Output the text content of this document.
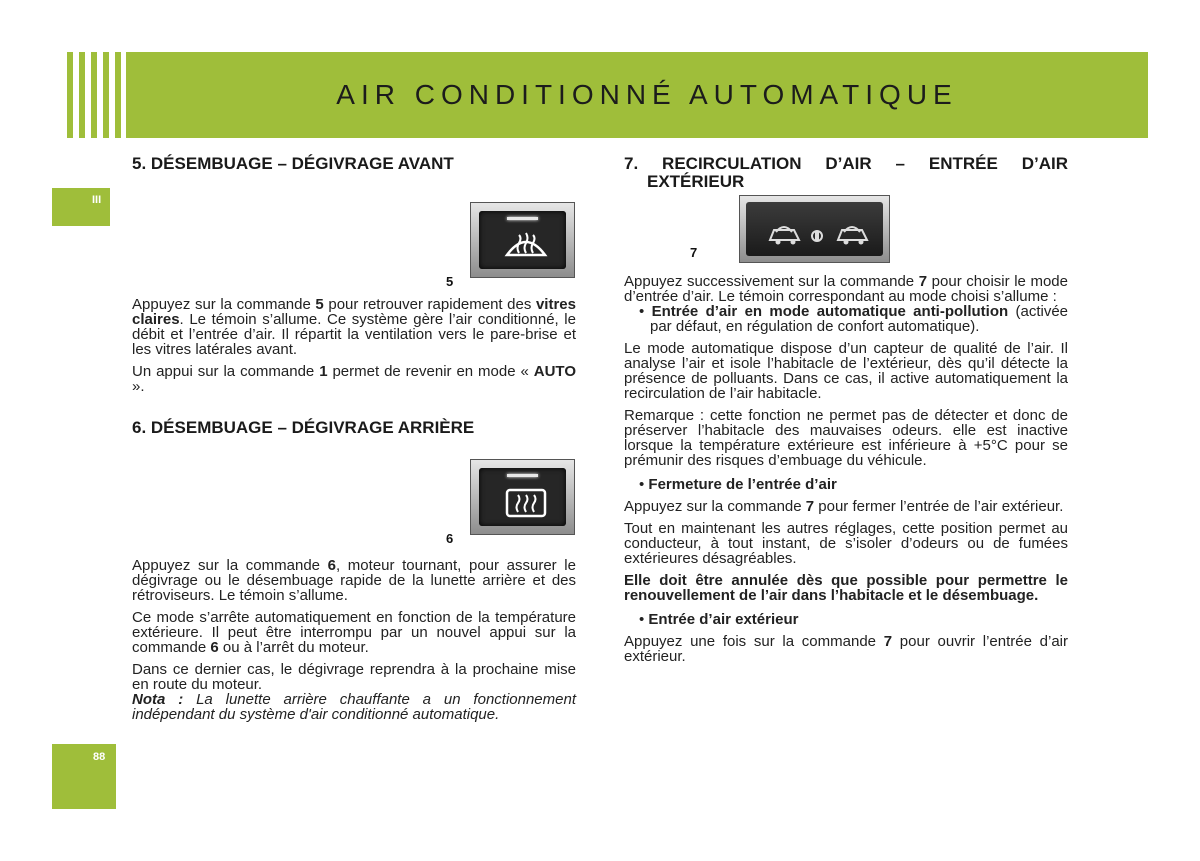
AIR CONDITIONNÉ AUTOMATIQUE
III
88
5. DÉSEMBUAGE – DÉGIVRAGE AVANT
5

Appuyez sur la commande 5 pour retrouver rapidement des vitres claires. Le témoin s’allume. Ce système gère l’air conditionné, le débit et l’entrée d’air. Il répartit la ventilation vers le pare-brise et les vitres latérales avant.

Un appui sur la commande 1 permet de revenir en mode « AUTO ».

6. DÉSEMBUAGE – DÉGIVRAGE ARRIÈRE
6

Appuyez sur la commande 6, moteur tournant, pour assurer le dégivrage ou le désembuage rapide de la lunette arrière et des rétroviseurs. Le témoin s’allume.

Ce mode s’arrête automatiquement en fonction de la température extérieure. Il peut être interrompu par un nouvel appui sur la commande 6 ou à l’arrêt du moteur.

Dans ce dernier cas, le dégivrage reprendra à la prochaine mise en route du moteur.

Nota : La lunette arrière chauffante a un fonctionnement indépendant du système d'air conditionné automatique.

7. RECIRCULATION D’AIR – ENTRÉE D’AIR EXTÉRIEUR
7

Appuyez successivement sur la commande 7 pour choisir le mode d’entrée d’air. Le témoin correspondant au mode choisi s’allume :

• Entrée d’air en mode automatique anti-pollution (activée par défaut, en régulation de confort automatique).

Le mode automatique dispose d’un capteur de qualité de l’air. Il analyse l’air et isole l’habitacle de l’extérieur, dès qu’il détecte la présence de polluants. Dans ce cas, il active automatiquement la recirculation de l’air habitacle.

Remarque : cette fonction ne permet pas de détecter et donc de préserver l’habitacle des mauvaises odeurs. elle est inactive lorsque la température extérieure est inférieure à +5°C pour se prémunir des risques d’embuage du véhicule.

• Fermeture de l’entrée d’air

Appuyez sur la commande 7 pour fermer l’entrée de l’air extérieur.

Tout en maintenant les autres réglages, cette position permet au conducteur, à tout instant, de s’isoler d’odeurs ou de fumées extérieures désagréables.

Elle doit être annulée dès que possible pour permettre le renouvellement de l’air dans l’habitacle et le désembuage.

• Entrée d’air extérieur

Appuyez une fois sur la commande 7 pour ouvrir l’entrée d’air extérieur.
